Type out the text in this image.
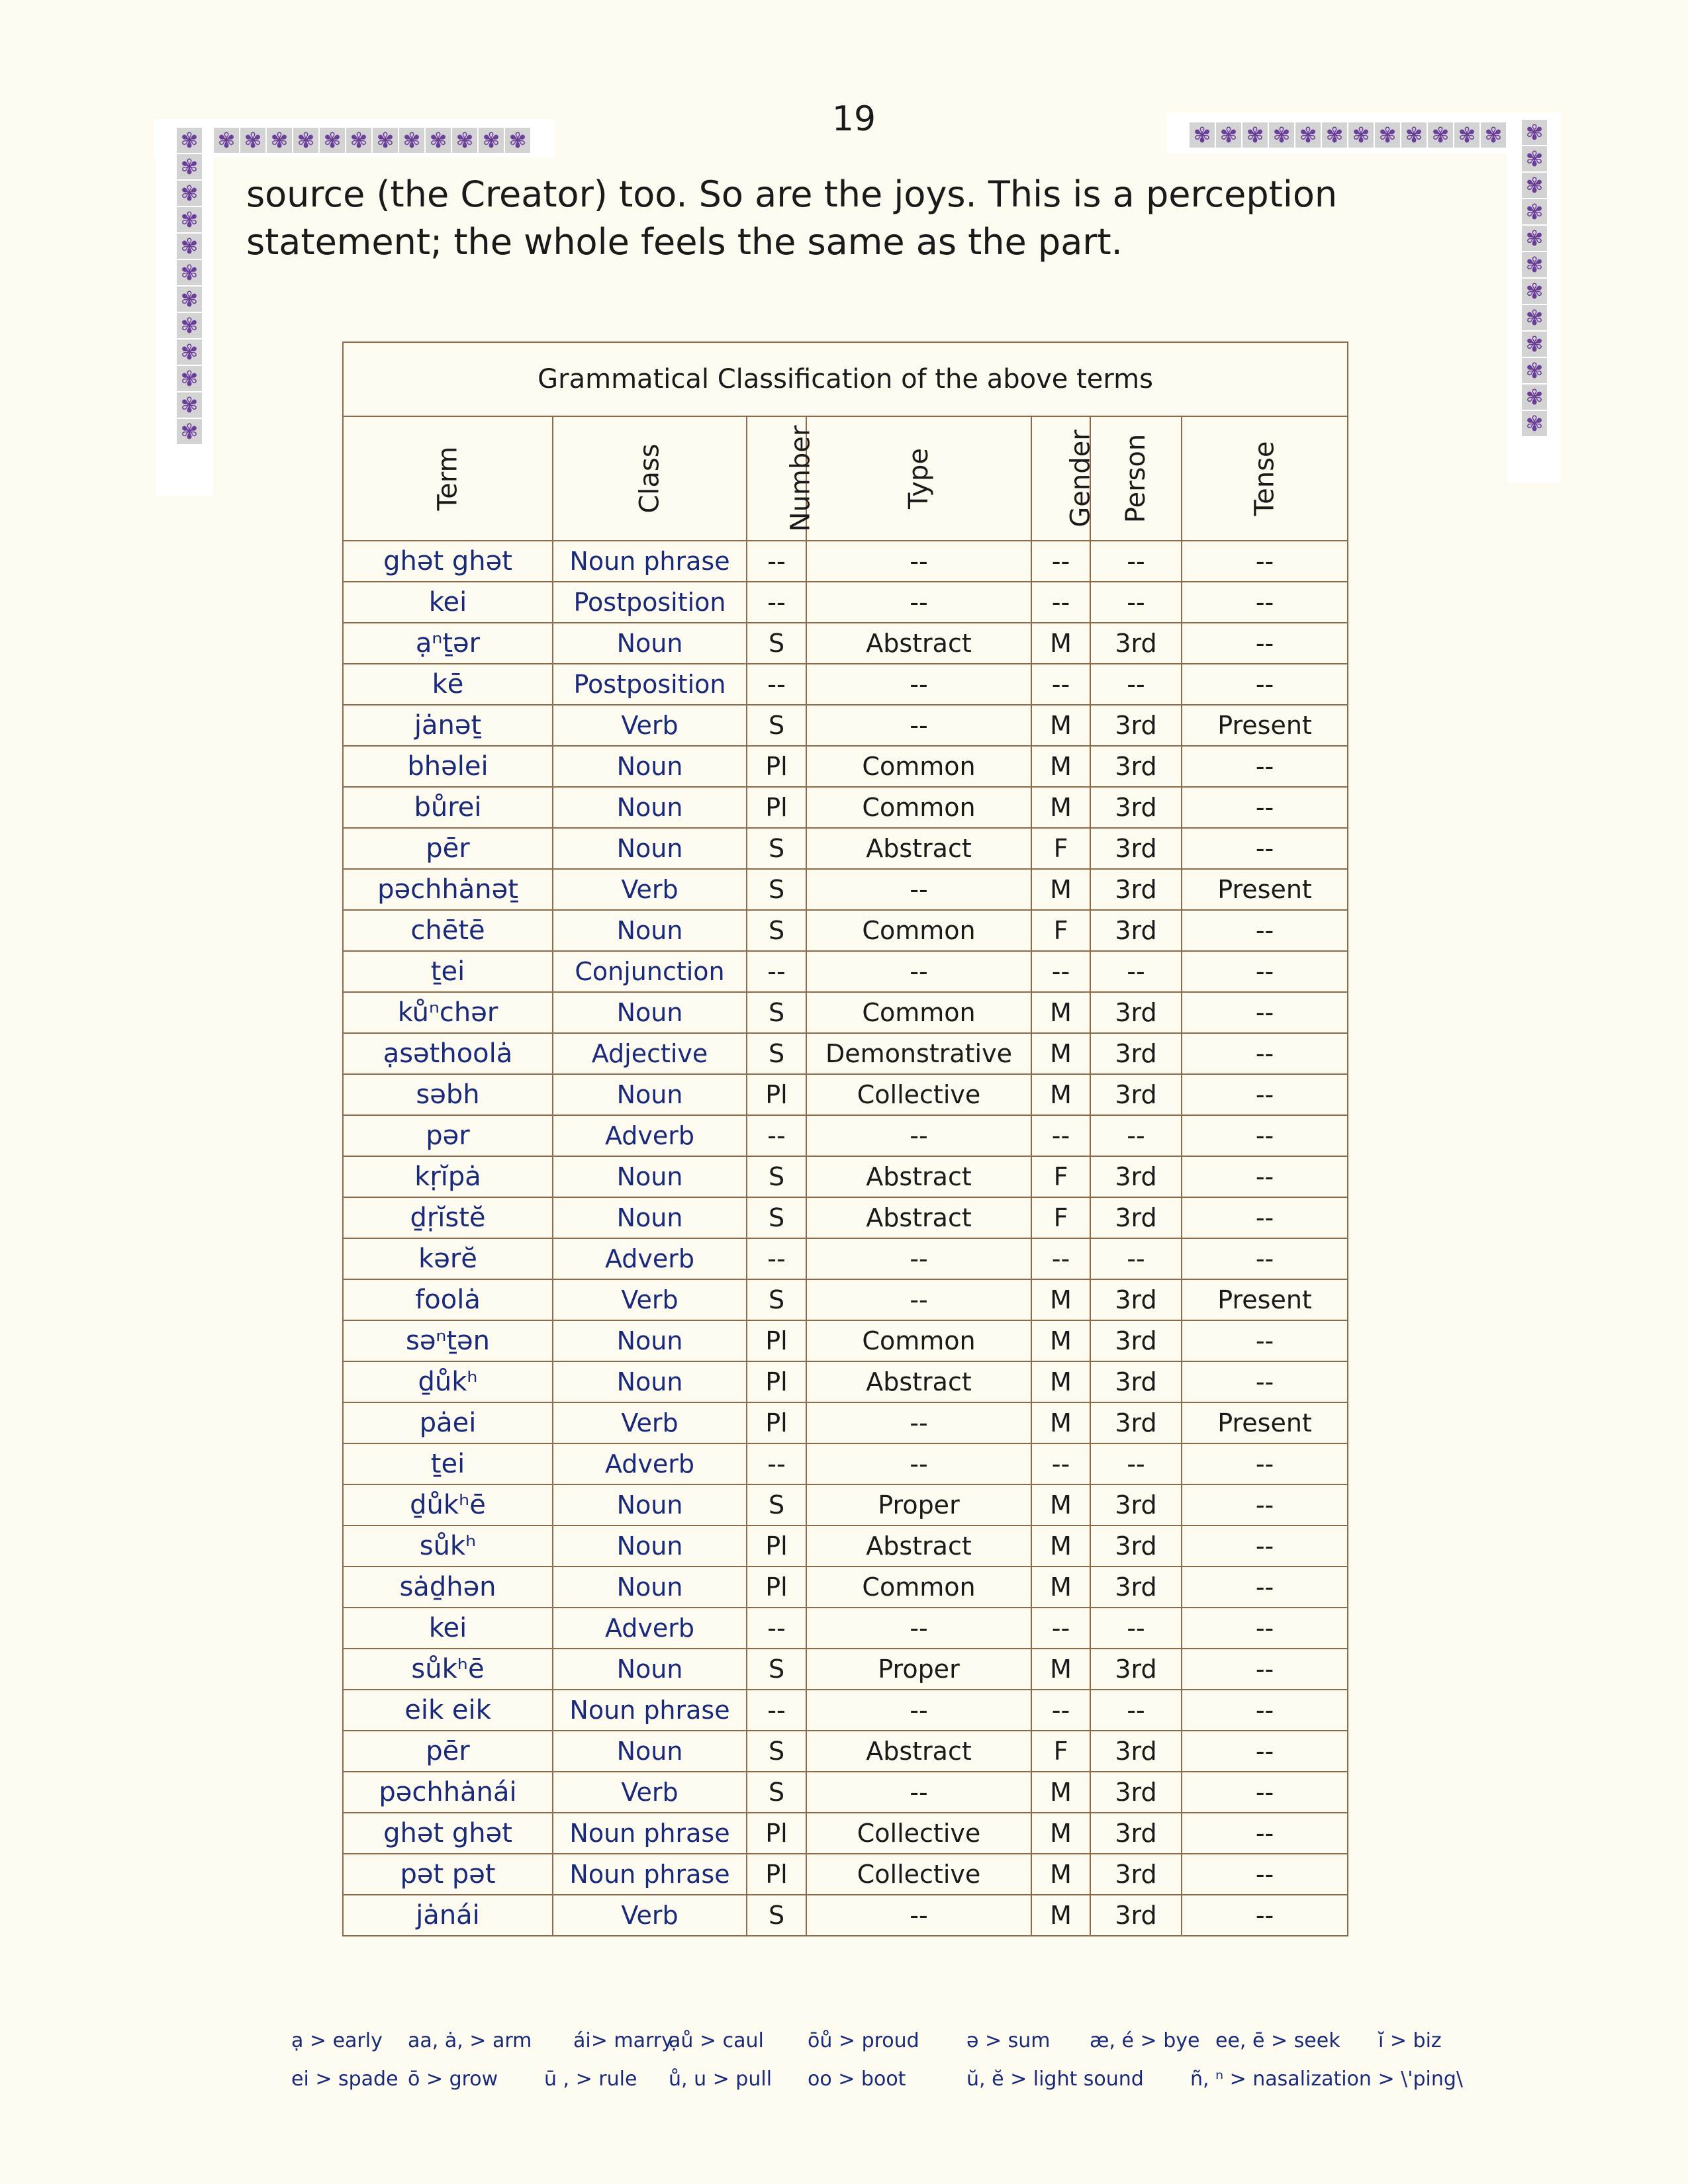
19
✾ ✾ ✾ ✾ ✾ ✾ ✾ ✾ ✾ ✾ ✾ ✾
✾
✾
✾
✾
✾
✾
✾
✾
✾
✾
✾
✾
✾ ✾ ✾ ✾ ✾ ✾ ✾ ✾ ✾ ✾ ✾ ✾ ✾
✾
✾
✾
✾
✾
✾
✾
✾
✾
✾
✾
source (the Creator) too. So are the joys. This is a perception statement; the whole feels the same as the part.
Grammatical Classification of the above terms						
Term	Class	Number	Type	Gender	Person	Tense
ghət ghət	Noun phrase	--	--	--	--	--
kei	Postposition	--	--	--	--	--
ạⁿṯər	Noun	S	Abstract	M	3rd	--
kē	Postposition	--	--	--	--	--
jȧnəṯ	Verb	S	--	M	3rd	Present
bhəlei	Noun	Pl	Common	M	3rd	--
bůrei	Noun	Pl	Common	M	3rd	--
pēr	Noun	S	Abstract	F	3rd	--
pəchhȧnəṯ	Verb	S	--	M	3rd	Present
chētē	Noun	S	Common	F	3rd	--
ṯei	Conjunction	--	--	--	--	--
kůⁿchər	Noun	S	Common	M	3rd	--
ạsəthoolȧ	Adjective	S	Demonstrative	M	3rd	--
səbh	Noun	Pl	Collective	M	3rd	--
pər	Adverb	--	--	--	--	--
kṛĭpȧ	Noun	S	Abstract	F	3rd	--
ḏṛĭstĕ	Noun	S	Abstract	F	3rd	--
kərĕ	Adverb	--	--	--	--	--
foolȧ	Verb	S	--	M	3rd	Present
səⁿṯən	Noun	Pl	Common	M	3rd	--
ḏůkʰ	Noun	Pl	Abstract	M	3rd	--
pȧei	Verb	Pl	--	M	3rd	Present
ṯei	Adverb	--	--	--	--	--
ḏůkʰē	Noun	S	Proper	M	3rd	--
sůkʰ	Noun	Pl	Abstract	M	3rd	--
sȧḏhən	Noun	Pl	Common	M	3rd	--
kei	Adverb	--	--	--	--	--
sůkʰē	Noun	S	Proper	M	3rd	--
eik eik	Noun phrase	--	--	--	--	--
pēr	Noun	S	Abstract	F	3rd	--
pəchhȧnái	Verb	S	--	M	3rd	--
ghət ghət	Noun phrase	Pl	Collective	M	3rd	--
pət pət	Noun phrase	Pl	Collective	M	3rd	--
jȧnái	Verb	S	--	M	3rd	--
ạ > early aa, ȧ, > arm ái> marry
ạů > caul ōů > proud ə > sum æ, é > bye ee, ē > seek ĭ > biz
ei > spade ō > grow ū , > rule ů, u > pull oo > boot	ŭ, ĕ > light sound ñ, ⁿ > nasalization > \'ping\
